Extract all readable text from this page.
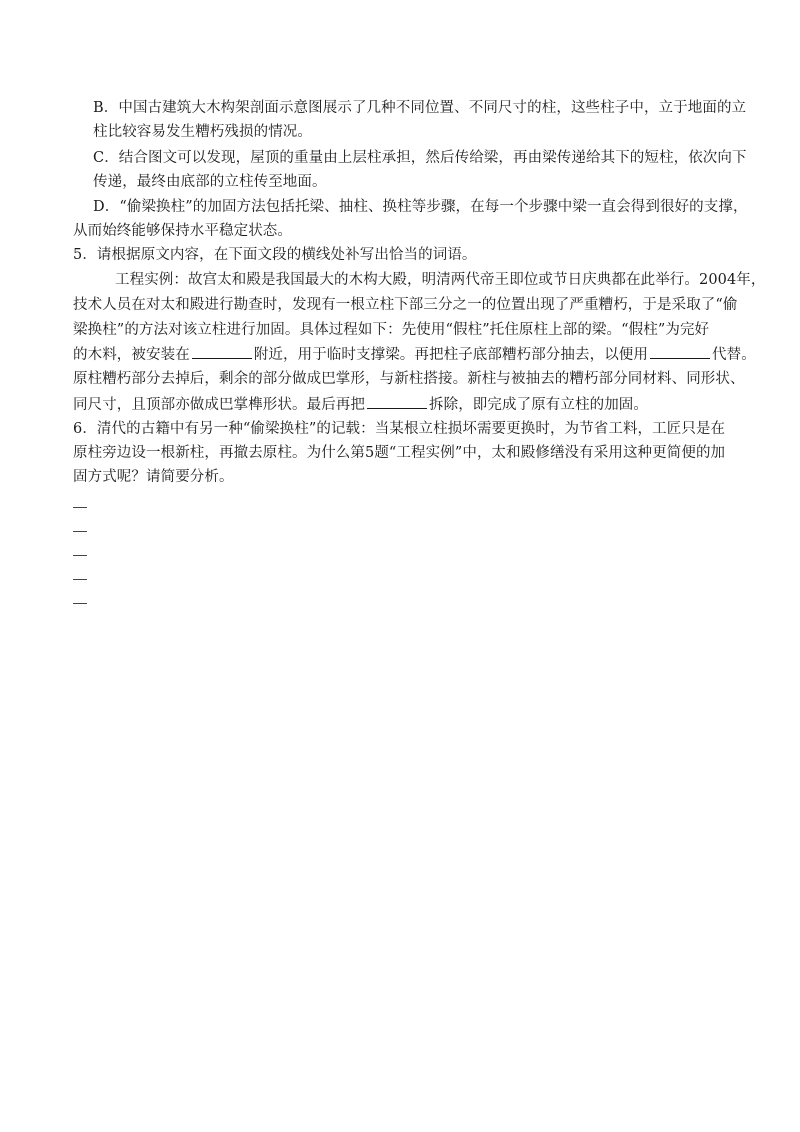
B．中国古建筑大木构架剖面示意图展示了几种不同位置、不同尺寸的柱，这些柱子中，立于地面的立
柱比较容易发生糟朽残损的情况。
C．结合图文可以发现，屋顶的重量由上层柱承担，然后传给梁，再由梁传递给其下的短柱，依次向下
传递，最终由底部的立柱传至地面。
D．“偷梁换柱”的加固方法包括托梁、抽柱、换柱等步骤，在每一个步骤中梁一直会得到很好的支撑，
从而始终能够保持水平稳定状态。
5．请根据原文内容，在下面文段的横线处补写出恰当的词语。
工程实例：故宫太和殿是我国最大的木构大殿，明清两代帝王即位或节日庆典都在此举行。2004年，
技术人员在对太和殿进行勘查时，发现有一根立柱下部三分之一的位置出现了严重糟朽，于是采取了“偷
梁换柱”的方法对该立柱进行加固。具体过程如下：先使用“假柱”托住原柱上部的梁。“假柱”为完好
的木料，被安装在	附近，用于临时支撑梁。再把柱子底部糟朽部分抽去，以便用	代替。
原柱糟朽部分去掉后，剩余的部分做成巴掌形，与新柱搭接。新柱与被抽去的糟朽部分同材料、同形状、
同尺寸，且顶部亦做成巴掌榫形状。最后再把	拆除，即完成了原有立柱的加固。
6．清代的古籍中有另一种“偷梁换柱”的记载：当某根立柱损坏需要更换时，为节省工料，工匠只是在
原柱旁边设一根新柱，再撤去原柱。为什么第5题“工程实例”中，太和殿修缮没有采用这种更简便的加
固方式呢？请简要分析。
